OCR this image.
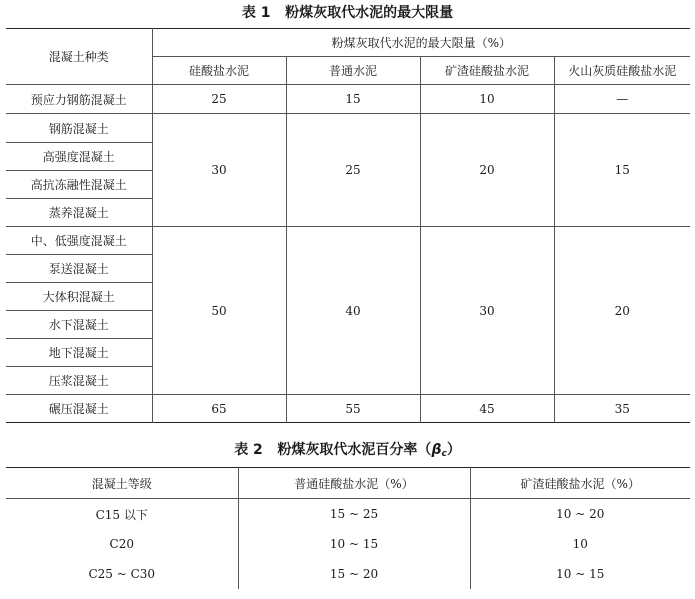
表 1 粉煤灰取代水泥的最大限量
混凝土种类	粉煤灰取代水泥的最大限量（%）			
	硅酸盐水泥	普通水泥	矿渣硅酸盐水泥	火山灰质硅酸盐水泥
预应力钢筋混凝土	25	15	10	—
钢筋混凝土	30	25	20	15
高强度混凝土				
高抗冻融性混凝土				
蒸养混凝土				
中、低强度混凝土	50	40	30	20
泵送混凝土				
大体积混凝土				
水下混凝土				
地下混凝土				
压浆混凝土				
碾压混凝土	65	55	45	35
表 2 粉煤灰取代水泥百分率（βc）
混凝土等级	普通硅酸盐水泥（%）	矿渣硅酸盐水泥（%）
C15 以下	15 ~ 25	10 ~ 20
C20	10 ~ 15	10
C25 ~ C30	15 ~ 20	10 ~ 15
